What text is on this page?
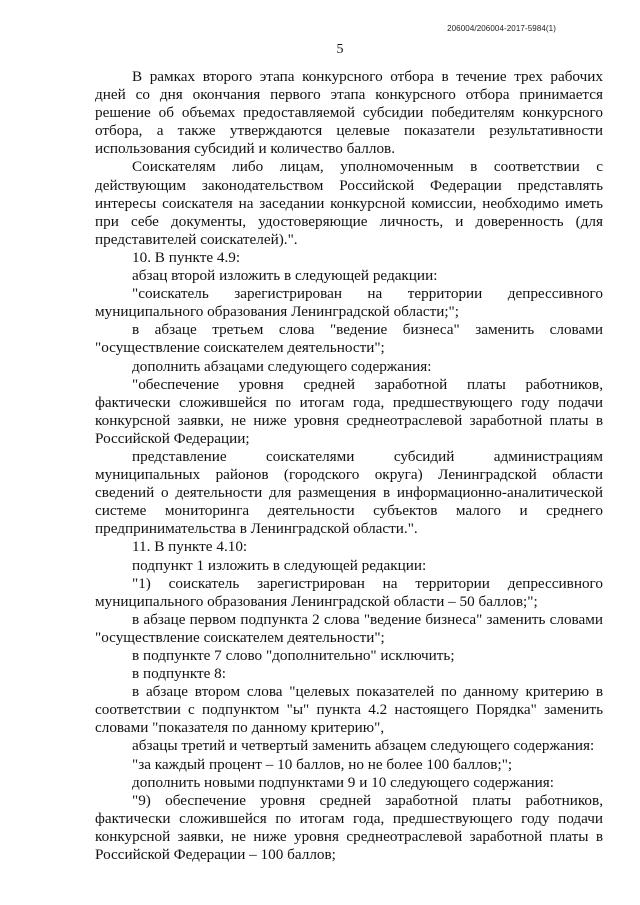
206004/206004-2017-5984(1)
5

В рамках второго этапа конкурсного отбора в течение трех рабочих дней со дня окончания первого этапа конкурсного отбора принимается решение об объемах предоставляемой субсидии победителям конкурсного отбора, а также утверждаются целевые показатели результативности использования субсидий и количество баллов.

Соискателям либо лицам, уполномоченным в соответствии с действующим законодательством Российской Федерации представлять интересы соискателя на заседании конкурсной комиссии, необходимо иметь при себе документы, удостоверяющие личность, и доверенность (для представителей соискателей).".

10. В пункте 4.9:

абзац второй изложить в следующей редакции:

"соискатель зарегистрирован на территории депрессивного муниципального образования Ленинградской области;";

в абзаце третьем слова "ведение бизнеса" заменить словами "осуществление соискателем деятельности";

дополнить абзацами следующего содержания:

"обеспечение уровня средней заработной платы работников, фактически сложившейся по итогам года, предшествующего году подачи конкурсной заявки, не ниже уровня среднеотраслевой заработной платы в Российской Федерации;

представление соискателями субсидий администрациям муниципальных районов (городского округа) Ленинградской области сведений о деятельности для размещения в информационно-аналитической системе мониторинга деятельности субъектов малого и среднего предпринимательства в Ленинградской области.".

11. В пункте 4.10:

подпункт 1 изложить в следующей редакции:

"1) соискатель зарегистрирован на территории депрессивного муниципального образования Ленинградской области – 50 баллов;";

в абзаце первом подпункта 2 слова "ведение бизнеса" заменить словами "осуществление соискателем деятельности";

в подпункте 7 слово "дополнительно" исключить;

в подпункте 8:

в абзаце втором слова "целевых показателей по данному критерию в соответствии с подпунктом "ы" пункта 4.2 настоящего Порядка" заменить словами "показателя по данному критерию",

абзацы третий и четвертый заменить абзацем следующего содержания:

"за каждый процент – 10 баллов, но не более 100 баллов;";

дополнить новыми подпунктами 9 и 10 следующего содержания:

"9) обеспечение уровня средней заработной платы работников, фактически сложившейся по итогам года, предшествующего году подачи конкурсной заявки, не ниже уровня среднеотраслевой заработной платы в Российской Федерации – 100 баллов;
